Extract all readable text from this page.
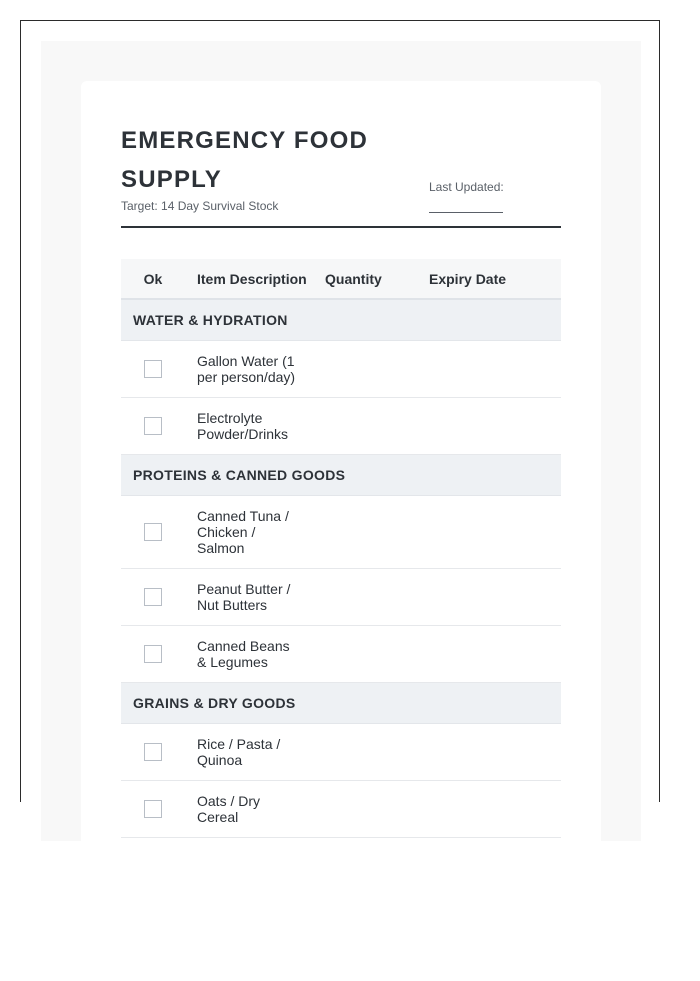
EMERGENCY FOOD SUPPLY
Target: 14 Day Survival Stock
Last Updated:
Ok	Item Description	Quantity	Expiry Date
WATER & HYDRATION			

	Gallon Water (1 per person/day)		

	Electrolyte Powder/Drinks		

PROTEINS & CANNED GOODS			

	Canned Tuna / Chicken / Salmon		

	Peanut Butter / Nut Butters		

	Canned Beans & Legumes		

GRAINS & DRY GOODS			

	Rice / Pasta / Quinoa		

	Oats / Dry Cereal		
